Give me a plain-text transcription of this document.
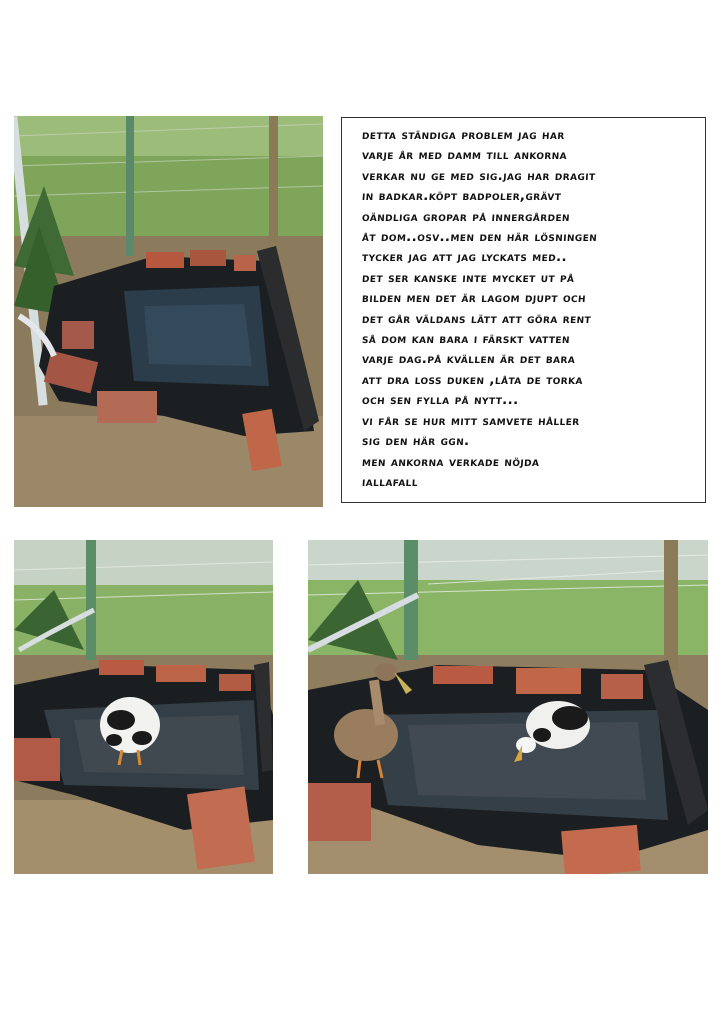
detta ständiga problem jag har
varje år med damm till ankorna
verkar nu ge med sig.jag har dragit
in badkar.köpt badpoler,grävt
oändliga gropar på innergården
åt dom..osv..men den här lösningen
tycker jag att jag lyckats med..
det ser kanske inte mycket ut på
bilden men det är lagom djupt och
det går väldans lätt att göra rent
så dom kan bara i färskt vatten
varje dag.på kvällen är det bara
att dra loss duken ,låta de torka
och sen fylla på nytt...
vi får se hur mitt samvete håller
sig den här ggn.
men ankorna verkade nöjda
iallafall
